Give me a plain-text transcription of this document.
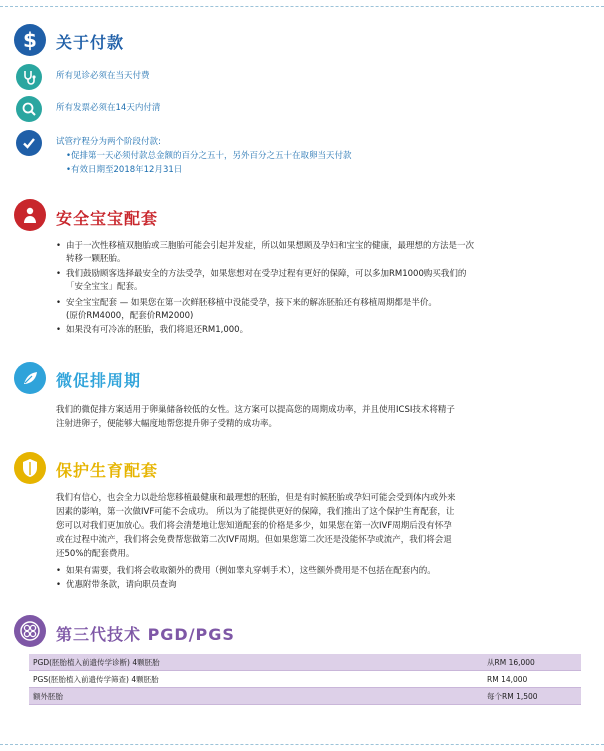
$ 关于付款
所有见诊必须在当天付费
所有发票必须在14天内付清
试管疗程分为两个阶段付款:
•促排第一天必须付款总金额的百分之五十，另外百分之五十在取卵当天付款
•有效日期至2018年12月31日
安全宝宝配套
• 由于一次性移植双胞胎或三胞胎可能会引起并发症，所以如果想顾及孕妇和宝宝的健康，最理想的方法是一次
转移一颗胚胎。
• 我们鼓励顾客选择最安全的方法受孕，如果您想对在受孕过程有更好的保障，可以多加RM1000购买我们的
「安全宝宝」配套。
• 安全宝宝配套 — 如果您在第一次鲜胚移植中没能受孕，接下来的解冻胚胎还有移植周期都是半价。
(原价RM4000，配套价RM2000)
• 如果没有可冷冻的胚胎，我们将退还RM1,000。
微促排周期
我们的微促排方案适用于卵巢储备较低的女性。这方案可以提高您的周期成功率，并且使用ICSI技术将精子
注射进卵子，便能够大幅度地帮您提升卵子受精的成功率。
保护生育配套
我们有信心，也会全力以赴给您移植最健康和最理想的胚胎，但是有时候胚胎或孕妇可能会受到体内或外来
因素的影响，第一次做IVF可能不会成功。 所以为了能提供更好的保障，我们推出了这个保护生育配套，让
您可以对我们更加放心。我们将会清楚地让您知道配套的价格是多少，如果您在第一次IVF周期后没有怀孕
或在过程中流产，我们将会免费帮您做第二次IVF周期。但如果您第二次还是没能怀孕或流产，我们将会退
还50%的配套费用。
• 如果有需要，我们将会收取额外的费用（例如睾丸穿刺手术），这些额外费用是不包括在配套内的。
• 优惠附带条款，请向职员查询
第三代技术 PGD/PGS
PGD(胚胎植入前遗传学诊断) 4颗胚胎	从RM 16,000
PGS(胚胎植入前遗传学筛查) 4颗胚胎	RM 14,000
额外胚胎	每个RM 1,500
